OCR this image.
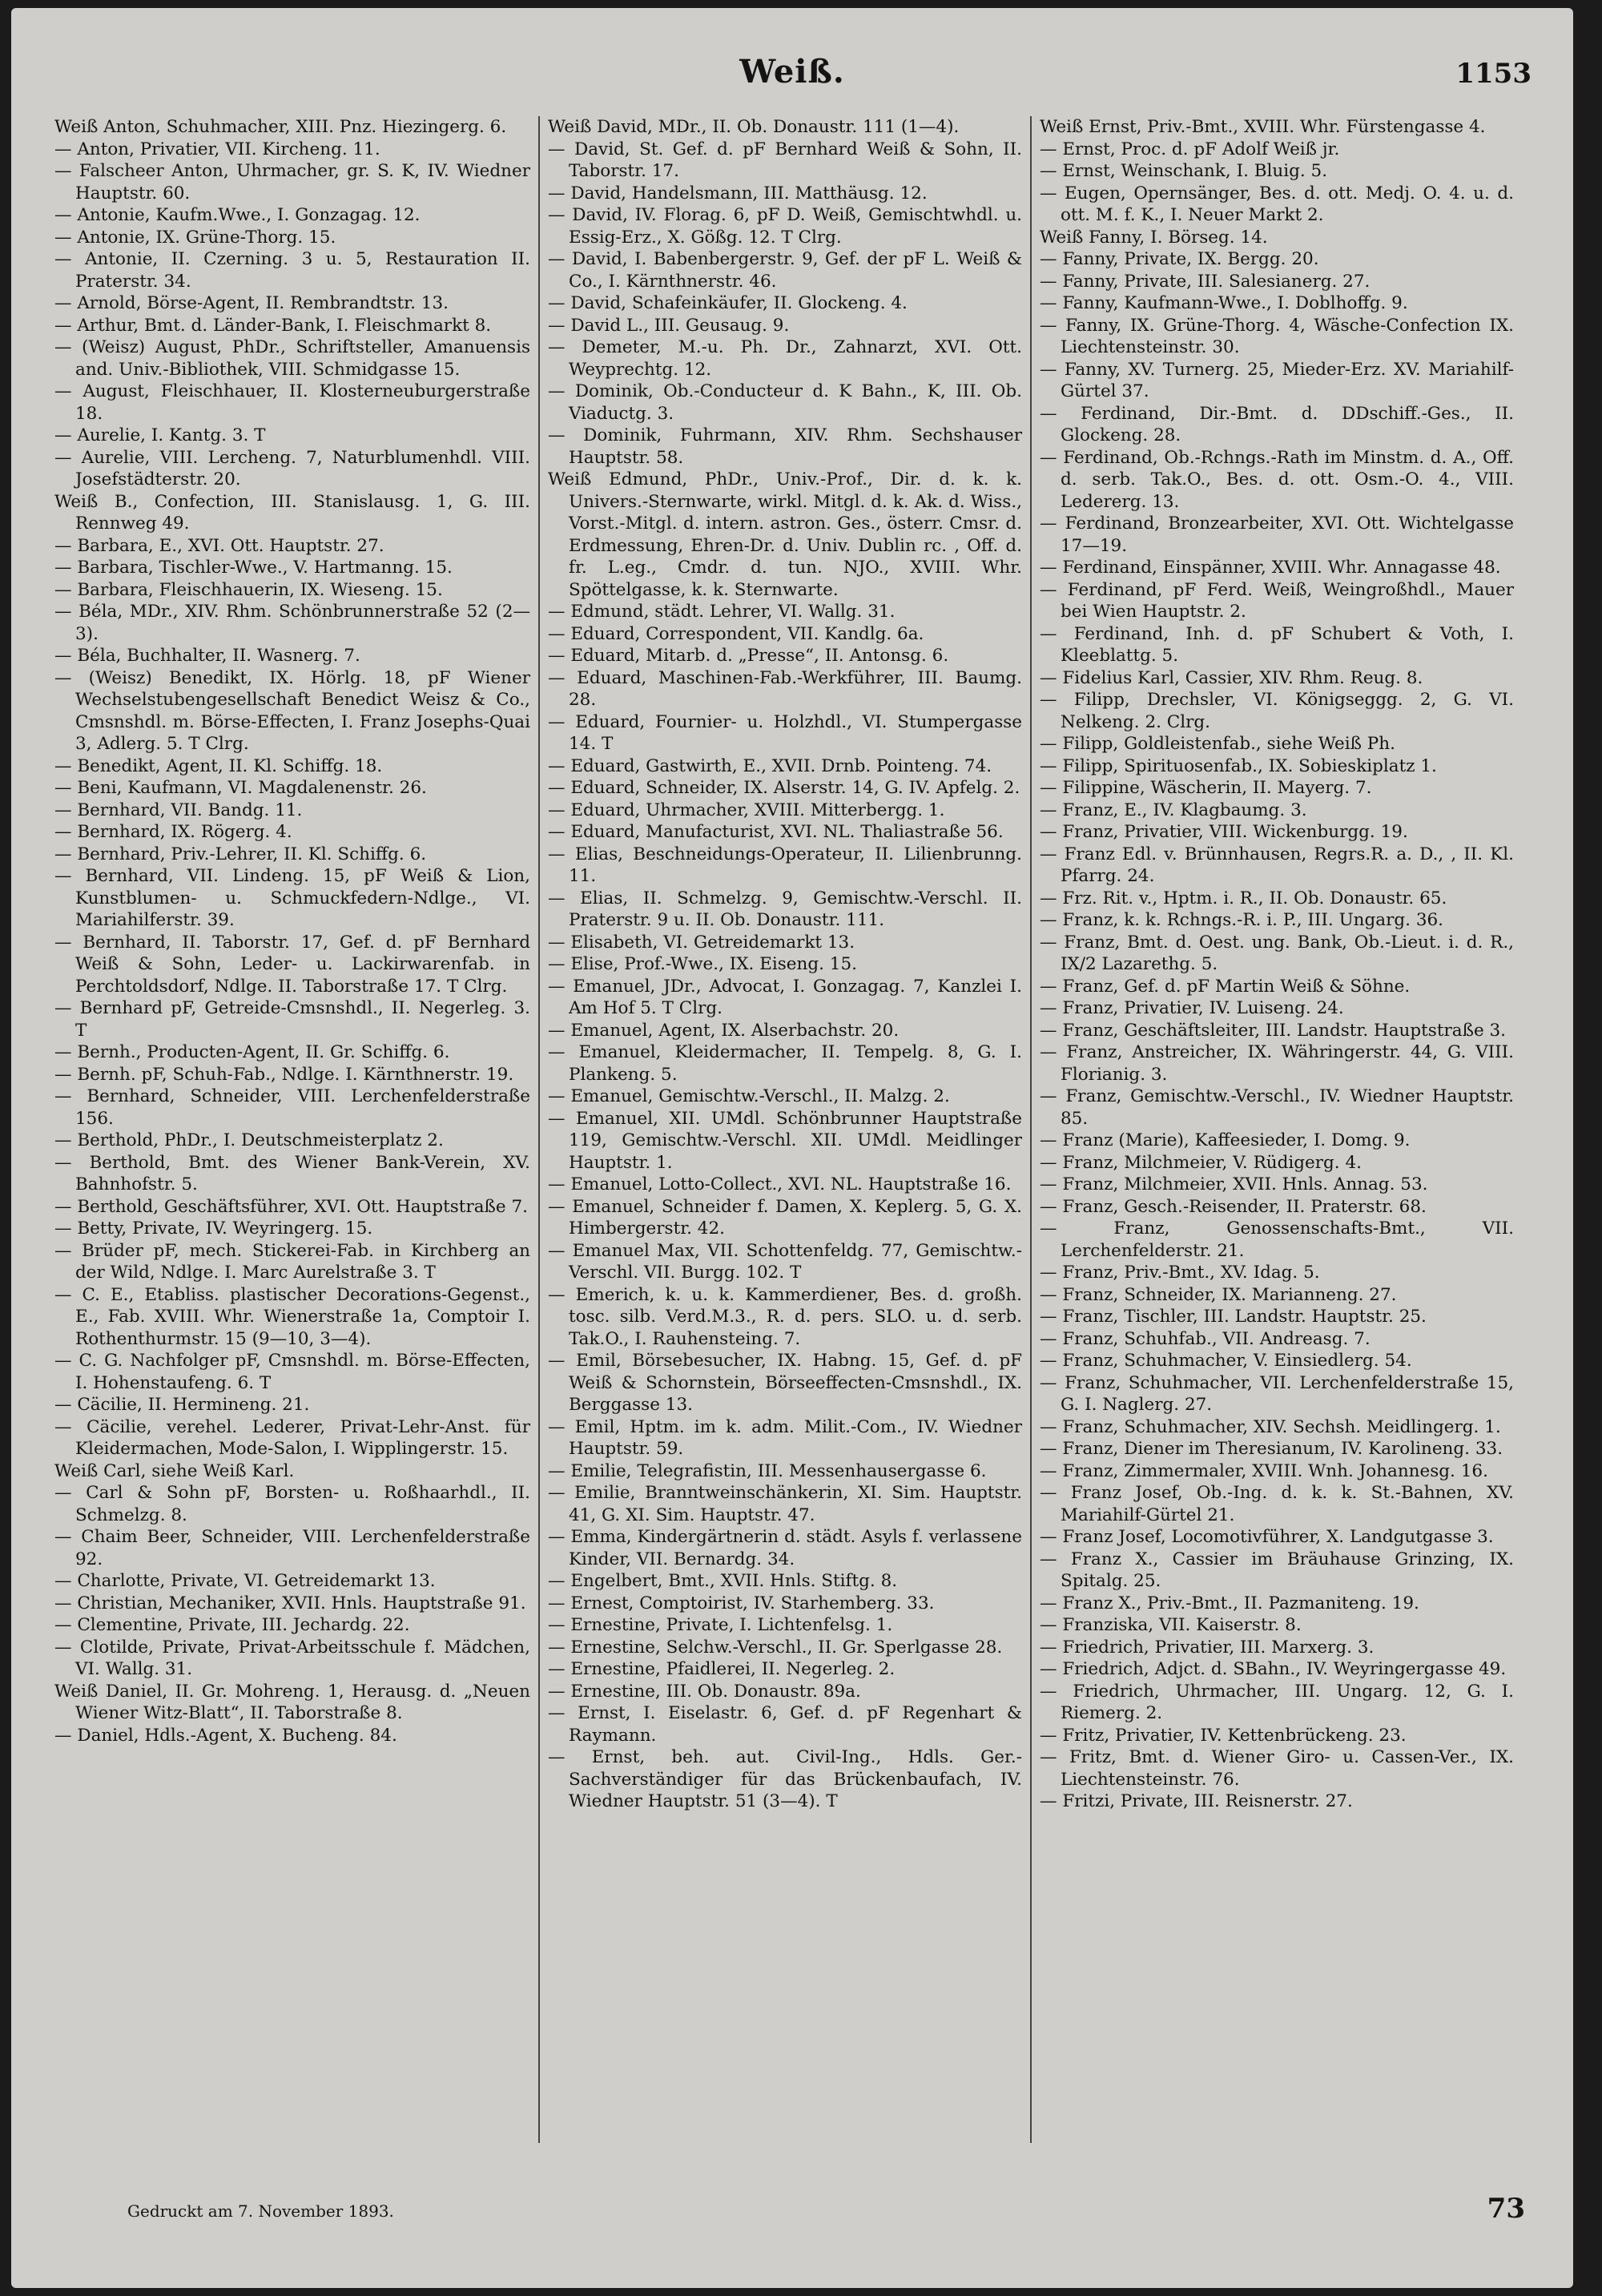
Weiß.	1153
Weiß Anton, Schuhmacher, XIII. Pnz. Hiezingerg. 6.
— Anton, Privatier, VII. Kircheng. 11.
— Falscheer Anton, Uhrmacher, gr. S. K, IV. Wiedner Hauptstr. 60.
— Antonie, Kaufm.Wwe., I. Gonzagag. 12.
— Antonie, IX. Grüne-Thorg. 15.
— Antonie, II. Czerning. 3 u. 5, Restauration II. Praterstr. 34.
— Arnold, Börse-Agent, II. Rembrandtstr. 13.
— Arthur, Bmt. d. Länder-Bank, I. Fleischmarkt 8.
— (Weisz) August, PhDr., Schriftsteller, Amanuensis and. Univ.-Bibliothek, VIII. Schmidgasse 15.
— August, Fleischhauer, II. Klosterneuburgerstraße 18.
— Aurelie, I. Kantg. 3. T
— Aurelie, VIII. Lercheng. 7, Naturblumenhdl. VIII. Josefstädterstr. 20.
Weiß B., Confection, III. Stanislausg. 1, G. III. Rennweg 49.
— Barbara, E., XVI. Ott. Hauptstr. 27.
— Barbara, Tischler-Wwe., V. Hartmanng. 15.
— Barbara, Fleischhauerin, IX. Wieseng. 15.
— Béla, MDr., XIV. Rhm. Schönbrunnerstraße 52 (2—3).
— Béla, Buchhalter, II. Wasnerg. 7.
— (Weisz) Benedikt, IX. Hörlg. 18, pF Wiener Wechselstubengesellschaft Benedict Weisz & Co., Cmsnshdl. m. Börse-Effecten, I. Franz Josephs-Quai 3, Adlerg. 5. T Clrg.
— Benedikt, Agent, II. Kl. Schiffg. 18.
— Beni, Kaufmann, VI. Magdalenenstr. 26.
— Bernhard, VII. Bandg. 11.
— Bernhard, IX. Rögerg. 4.
— Bernhard, Priv.-Lehrer, II. Kl. Schiffg. 6.
— Bernhard, VII. Lindeng. 15, pF Weiß & Lion, Kunstblumen- u. Schmuckfedern-Ndlge., VI. Mariahilferstr. 39.
— Bernhard, II. Taborstr. 17, Gef. d. pF Bernhard Weiß & Sohn, Leder- u. Lackirwarenfab. in Perchtoldsdorf, Ndlge. II. Taborstraße 17. T Clrg.
— Bernhard pF, Getreide-Cmsnshdl., II. Negerleg. 3. T
— Bernh., Producten-Agent, II. Gr. Schiffg. 6.
— Bernh. pF, Schuh-Fab., Ndlge. I. Kärnthnerstr. 19.
— Bernhard, Schneider, VIII. Lerchenfelderstraße 156.
— Berthold, PhDr., I. Deutschmeisterplatz 2.
— Berthold, Bmt. des Wiener Bank-Verein, XV. Bahnhofstr. 5.
— Berthold, Geschäftsführer, XVI. Ott. Hauptstraße 7.
— Betty, Private, IV. Weyringerg. 15.
— Brüder pF, mech. Stickerei-Fab. in Kirchberg an der Wild, Ndlge. I. Marc Aurelstraße 3. T
— C. E., Etabliss. plastischer Decorations-Gegenst., E., Fab. XVIII. Whr. Wienerstraße 1a, Comptoir I. Rothenthurmstr. 15 (9—10, 3—4).
— C. G. Nachfolger pF, Cmsnshdl. m. Börse-Effecten, I. Hohenstaufeng. 6. T
— Cäcilie, II. Hermineng. 21.
— Cäcilie, verehel. Lederer, Privat-Lehr-Anst. für Kleidermachen, Mode-Salon, I. Wipplingerstr. 15.
Weiß Carl, siehe Weiß Karl.
— Carl & Sohn pF, Borsten- u. Roßhaarhdl., II. Schmelzg. 8.
— Chaim Beer, Schneider, VIII. Lerchenfelderstraße 92.
— Charlotte, Private, VI. Getreidemarkt 13.
— Christian, Mechaniker, XVII. Hnls. Hauptstraße 91.
— Clementine, Private, III. Jechardg. 22.
— Clotilde, Private, Privat-Arbeitsschule f. Mädchen, VI. Wallg. 31.
Weiß Daniel, II. Gr. Mohreng. 1, Herausg. d. „Neuen Wiener Witz-Blatt“, II. Taborstraße 8.
— Daniel, Hdls.-Agent, X. Bucheng. 84.
Weiß David, MDr., II. Ob. Donaustr. 111 (1—4).
— David, St. Gef. d. pF Bernhard Weiß & Sohn, II. Taborstr. 17.
— David, Handelsmann, III. Matthäusg. 12.
— David, IV. Florag. 6, pF D. Weiß, Gemischtwhdl. u. Essig-Erz., X. Gößg. 12. T Clrg.
— David, I. Babenbergerstr. 9, Gef. der pF L. Weiß & Co., I. Kärnthnerstr. 46.
— David, Schafeinkäufer, II. Glockeng. 4.
— David L., III. Geusaug. 9.
— Demeter, M.-u. Ph. Dr., Zahnarzt, XVI. Ott. Weyprechtg. 12.
— Dominik, Ob.-Conducteur d. K Bahn., K, III. Ob. Viaductg. 3.
— Dominik, Fuhrmann, XIV. Rhm. Sechshauser Hauptstr. 58.
Weiß Edmund, PhDr., Univ.-Prof., Dir. d. k. k. Univers.-Sternwarte, wirkl. Mitgl. d. k. Ak. d. Wiss., Vorst.-Mitgl. d. intern. astron. Ges., österr. Cmsr. d. Erdmessung, Ehren-Dr. d. Univ. Dublin rc. , Off. d. fr. L.eg., Cmdr. d. tun. NJO., XVIII. Whr. Spöttelgasse, k. k. Sternwarte.
— Edmund, städt. Lehrer, VI. Wallg. 31.
— Eduard, Correspondent, VII. Kandlg. 6a.
— Eduard, Mitarb. d. „Presse“, II. Antonsg. 6.
— Eduard, Maschinen-Fab.-Werkführer, III. Baumg. 28.
— Eduard, Fournier- u. Holzhdl., VI. Stumpergasse 14. T
— Eduard, Gastwirth, E., XVII. Drnb. Pointeng. 74.
— Eduard, Schneider, IX. Alserstr. 14, G. IV. Apfelg. 2.
— Eduard, Uhrmacher, XVIII. Mitterbergg. 1.
— Eduard, Manufacturist, XVI. NL. Thaliastraße 56.
— Elias, Beschneidungs-Operateur, II. Lilienbrunng. 11.
— Elias, II. Schmelzg. 9, Gemischtw.-Verschl. II. Praterstr. 9 u. II. Ob. Donaustr. 111.
— Elisabeth, VI. Getreidemarkt 13.
— Elise, Prof.-Wwe., IX. Eiseng. 15.
— Emanuel, JDr., Advocat, I. Gonzagag. 7, Kanzlei I. Am Hof 5. T Clrg.
— Emanuel, Agent, IX. Alserbachstr. 20.
— Emanuel, Kleidermacher, II. Tempelg. 8, G. I. Plankeng. 5.
— Emanuel, Gemischtw.-Verschl., II. Malzg. 2.
— Emanuel, XII. UMdl. Schönbrunner Hauptstraße 119, Gemischtw.-Verschl. XII. UMdl. Meidlinger Hauptstr. 1.
— Emanuel, Lotto-Collect., XVI. NL. Hauptstraße 16.
— Emanuel, Schneider f. Damen, X. Keplerg. 5, G. X. Himbergerstr. 42.
— Emanuel Max, VII. Schottenfeldg. 77, Gemischtw.-Verschl. VII. Burgg. 102. T
— Emerich, k. u. k. Kammerdiener, Bes. d. großh. tosc. silb. Verd.M.3., R. d. pers. SLO. u. d. serb. Tak.O., I. Rauhensteing. 7.
— Emil, Börsebesucher, IX. Habng. 15, Gef. d. pF Weiß & Schornstein, Börseeffecten-Cmsnshdl., IX. Berggasse 13.
— Emil, Hptm. im k. adm. Milit.-Com., IV. Wiedner Hauptstr. 59.
— Emilie, Telegrafistin, III. Messenhausergasse 6.
— Emilie, Branntweinschänkerin, XI. Sim. Hauptstr. 41, G. XI. Sim. Hauptstr. 47.
— Emma, Kindergärtnerin d. städt. Asyls f. verlassene Kinder, VII. Bernardg. 34.
— Engelbert, Bmt., XVII. Hnls. Stiftg. 8.
— Ernest, Comptoirist, IV. Starhemberg. 33.
— Ernestine, Private, I. Lichtenfelsg. 1.
— Ernestine, Selchw.-Verschl., II. Gr. Sperlgasse 28.
— Ernestine, Pfaidlerei, II. Negerleg. 2.
— Ernestine, III. Ob. Donaustr. 89a.
— Ernst, I. Eiselastr. 6, Gef. d. pF Regenhart & Raymann.
— Ernst, beh. aut. Civil-Ing., Hdls. Ger.-Sachverständiger für das Brückenbaufach, IV. Wiedner Hauptstr. 51 (3—4). T
Weiß Ernst, Priv.-Bmt., XVIII. Whr. Fürstengasse 4.
— Ernst, Proc. d. pF Adolf Weiß jr.
— Ernst, Weinschank, I. Bluig. 5.
— Eugen, Opernsänger, Bes. d. ott. Medj. O. 4. u. d. ott. M. f. K., I. Neuer Markt 2.
Weiß Fanny, I. Börseg. 14.
— Fanny, Private, IX. Bergg. 20.
— Fanny, Private, III. Salesianerg. 27.
— Fanny, Kaufmann-Wwe., I. Doblhoffg. 9.
— Fanny, IX. Grüne-Thorg. 4, Wäsche-Confection IX. Liechtensteinstr. 30.
— Fanny, XV. Turnerg. 25, Mieder-Erz. XV. Mariahilf-Gürtel 37.
— Ferdinand, Dir.-Bmt. d. DDschiff.-Ges., II. Glockeng. 28.
— Ferdinand, Ob.-Rchngs.-Rath im Minstm. d. A., Off. d. serb. Tak.O., Bes. d. ott. Osm.-O. 4., VIII. Ledererg. 13.
— Ferdinand, Bronzearbeiter, XVI. Ott. Wichtelgasse 17—19.
— Ferdinand, Einspänner, XVIII. Whr. Annagasse 48.
— Ferdinand, pF Ferd. Weiß, Weingroßhdl., Mauer bei Wien Hauptstr. 2.
— Ferdinand, Inh. d. pF Schubert & Voth, I. Kleeblattg. 5.
— Fidelius Karl, Cassier, XIV. Rhm. Reug. 8.
— Filipp, Drechsler, VI. Königseggg. 2, G. VI. Nelkeng. 2. Clrg.
— Filipp, Goldleistenfab., siehe Weiß Ph.
— Filipp, Spirituosenfab., IX. Sobieskiplatz 1.
— Filippine, Wäscherin, II. Mayerg. 7.
— Franz, E., IV. Klagbaumg. 3.
— Franz, Privatier, VIII. Wickenburgg. 19.
— Franz Edl. v. Brünnhausen, Regrs.R. a. D., , II. Kl. Pfarrg. 24.
— Frz. Rit. v., Hptm. i. R., II. Ob. Donaustr. 65.
— Franz, k. k. Rchngs.-R. i. P., III. Ungarg. 36.
— Franz, Bmt. d. Oest. ung. Bank, Ob.-Lieut. i. d. R., IX/2 Lazarethg. 5.
— Franz, Gef. d. pF Martin Weiß & Söhne.
— Franz, Privatier, IV. Luiseng. 24.
— Franz, Geschäftsleiter, III. Landstr. Hauptstraße 3.
— Franz, Anstreicher, IX. Währingerstr. 44, G. VIII. Florianig. 3.
— Franz, Gemischtw.-Verschl., IV. Wiedner Hauptstr. 85.
— Franz (Marie), Kaffeesieder, I. Domg. 9.
— Franz, Milchmeier, V. Rüdigerg. 4.
— Franz, Milchmeier, XVII. Hnls. Annag. 53.
— Franz, Gesch.-Reisender, II. Praterstr. 68.
— Franz, Genossenschafts-Bmt., VII. Lerchenfelderstr. 21.
— Franz, Priv.-Bmt., XV. Idag. 5.
— Franz, Schneider, IX. Marianneng. 27.
— Franz, Tischler, III. Landstr. Hauptstr. 25.
— Franz, Schuhfab., VII. Andreasg. 7.
— Franz, Schuhmacher, V. Einsiedlerg. 54.
— Franz, Schuhmacher, VII. Lerchenfelderstraße 15, G. I. Naglerg. 27.
— Franz, Schuhmacher, XIV. Sechsh. Meidlingerg. 1.
— Franz, Diener im Theresianum, IV. Karolineng. 33.
— Franz, Zimmermaler, XVIII. Wnh. Johannesg. 16.
— Franz Josef, Ob.-Ing. d. k. k. St.-Bahnen, XV. Mariahilf-Gürtel 21.
— Franz Josef, Locomotivführer, X. Landgutgasse 3.
— Franz X., Cassier im Bräuhause Grinzing, IX. Spitalg. 25.
— Franz X., Priv.-Bmt., II. Pazmaniteng. 19.
— Franziska, VII. Kaiserstr. 8.
— Friedrich, Privatier, III. Marxerg. 3.
— Friedrich, Adjct. d. SBahn., IV. Weyringergasse 49.
— Friedrich, Uhrmacher, III. Ungarg. 12, G. I. Riemerg. 2.
— Fritz, Privatier, IV. Kettenbrückeng. 23.
— Fritz, Bmt. d. Wiener Giro- u. Cassen-Ver., IX. Liechtensteinstr. 76.
— Fritzi, Private, III. Reisnerstr. 27.
Gedruckt am 7. November 1893.	73
